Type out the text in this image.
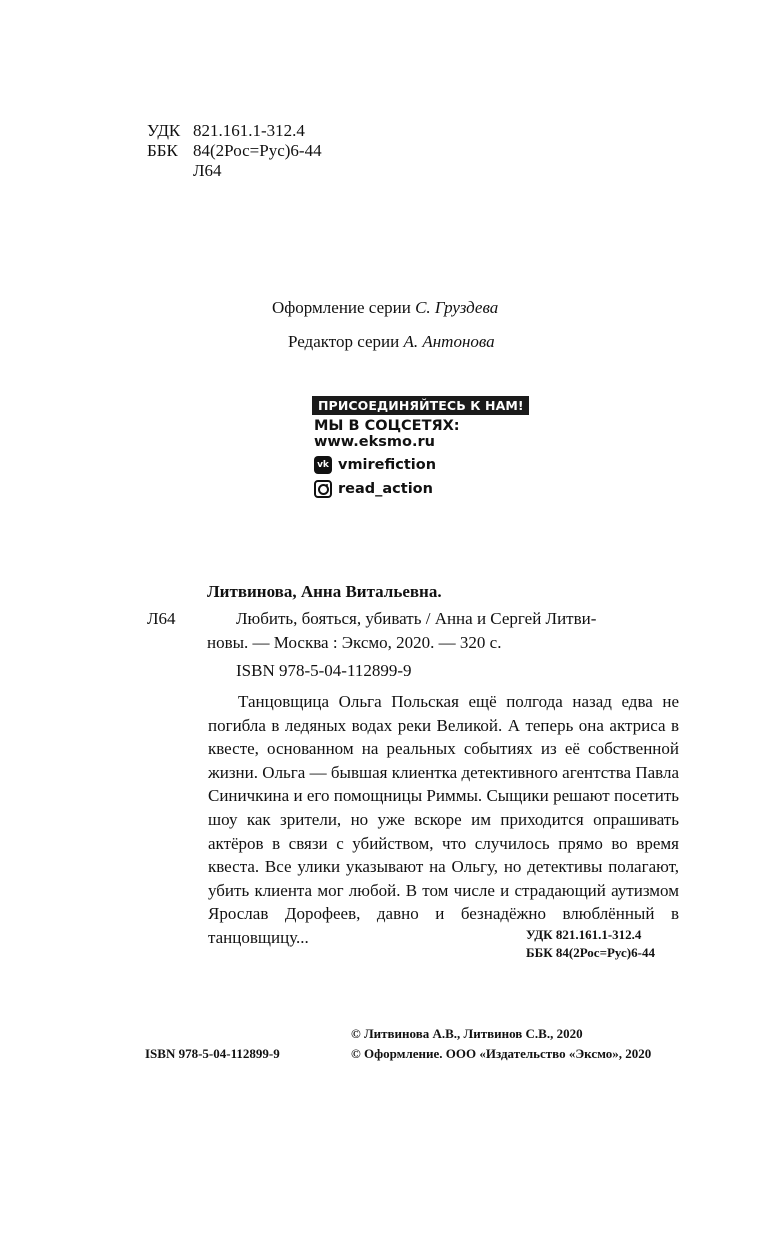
УДК 821.161.1-312.4
ББК 84(2Рос=Рус)6-44
Л64
Оформление серии С. Груздева
Редактор серии А. Антонова
ПРИСОЕДИНЯЙТЕСЬ К НАМ!
МЫ В СОЦСЕТЯХ:
www.eksmo.ru
vk vmirefiction
read_action
Литвинова, Анна Витальевна.
Л64	Любить, бояться, убивать / Анна и Сергей Литви-
новы. — Москва : Эксмо, 2020. — 320 с.
ISBN 978-5-04-112899-9

Танцовщица Ольга Польская ещё полгода назад едва не погибла в ледяных водах реки Великой. А теперь она актриса в квесте, основанном на реальных событиях из её собственной жизни. Ольга — бывшая клиентка детективного агентства Павла Синичкина и его помощницы Риммы. Сыщики решают посетить шоу как зрители, но уже вскоре им приходится опрашивать актёров в связи с убийством, что случилось прямо во время квеста. Все улики указывают на Ольгу, но детективы полагают, убить клиента мог любой. В том числе и страдающий аутизмом Ярослав Дорофеев, давно и безнадёжно влюблённый в танцовщицу...	УДК 821.161.1-312.4
ББК 84(2Рос=Рус)6-44
© Литвинова А.В., Литвинов С.В., 2020
ISBN 978-5-04-112899-9	© Оформление. ООО «Издательство «Эксмо», 2020
